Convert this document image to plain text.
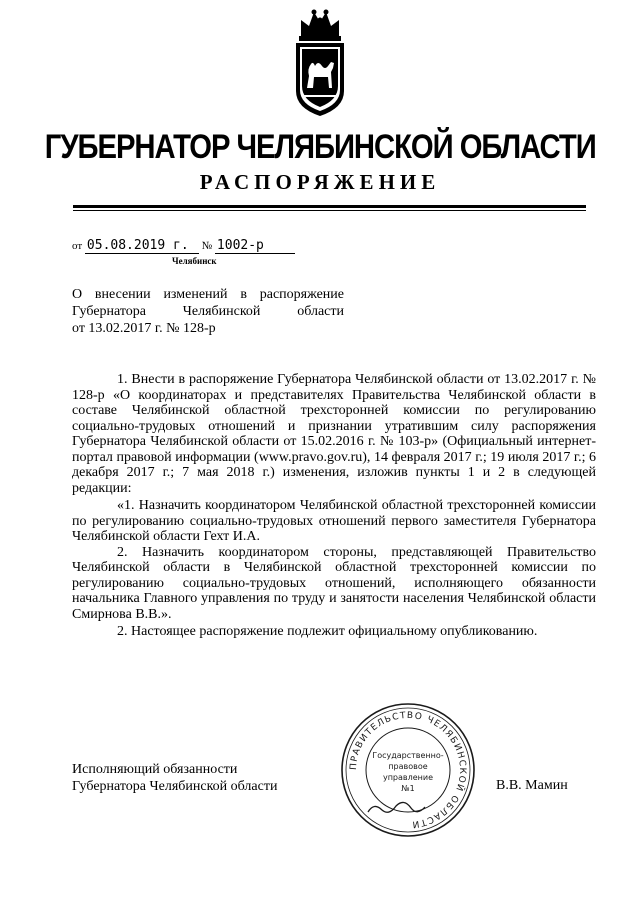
ГУБЕРНАТОР ЧЕЛЯБИНСКОЙ ОБЛАСТИ
РАСПОРЯЖЕНИЕ
от 05.08.2019 г. № 1002-р
Челябинск
О внесении изменений в распоряжение
Губернатора Челябинской области
от 13.02.2017 г. № 128-р

1. Внести в распоряжение Губернатора Челябинской области от 13.02.2017 г. № 128-р «О координаторах и представителях Правительства Челябинской области в составе Челябинской областной трехсторонней комиссии по регулированию социально-трудовых отношений и признании утратившим силу распоряжения Губернатора Челябинской области от 15.02.2016 г. № 103-р» (Официальный интернет-портал правовой информации (www.pravo.gov.ru), 14 февраля 2017 г.; 19 июля 2017 г.; 6 декабря 2017 г.; 7 мая 2018 г.) изменения, изложив пункты 1 и 2 в следующей редакции:

«1. Назначить координатором Челябинской областной трехсторонней комиссии по регулированию социально-трудовых отношений первого заместителя Губернатора Челябинской области Гехт И.А.

2. Назначить координатором стороны, представляющей Правительство Челябинской области в Челябинской областной трехсторонней комиссии по регулированию социально-трудовых отношений, исполняющего обязанности начальника Главного управления по труду и занятости населения Челябинской области Смирнова В.В.».

2. Настоящее распоряжение подлежит официальному опубликованию.

ПРАВИТЕЛЬСТВО ЧЕЛЯБИНСКОЙ ОБЛАСТИ
Государственно-
правовое
управление
№1
Исполняющий обязанности
Губернатора Челябинской области	В.В. Мамин
